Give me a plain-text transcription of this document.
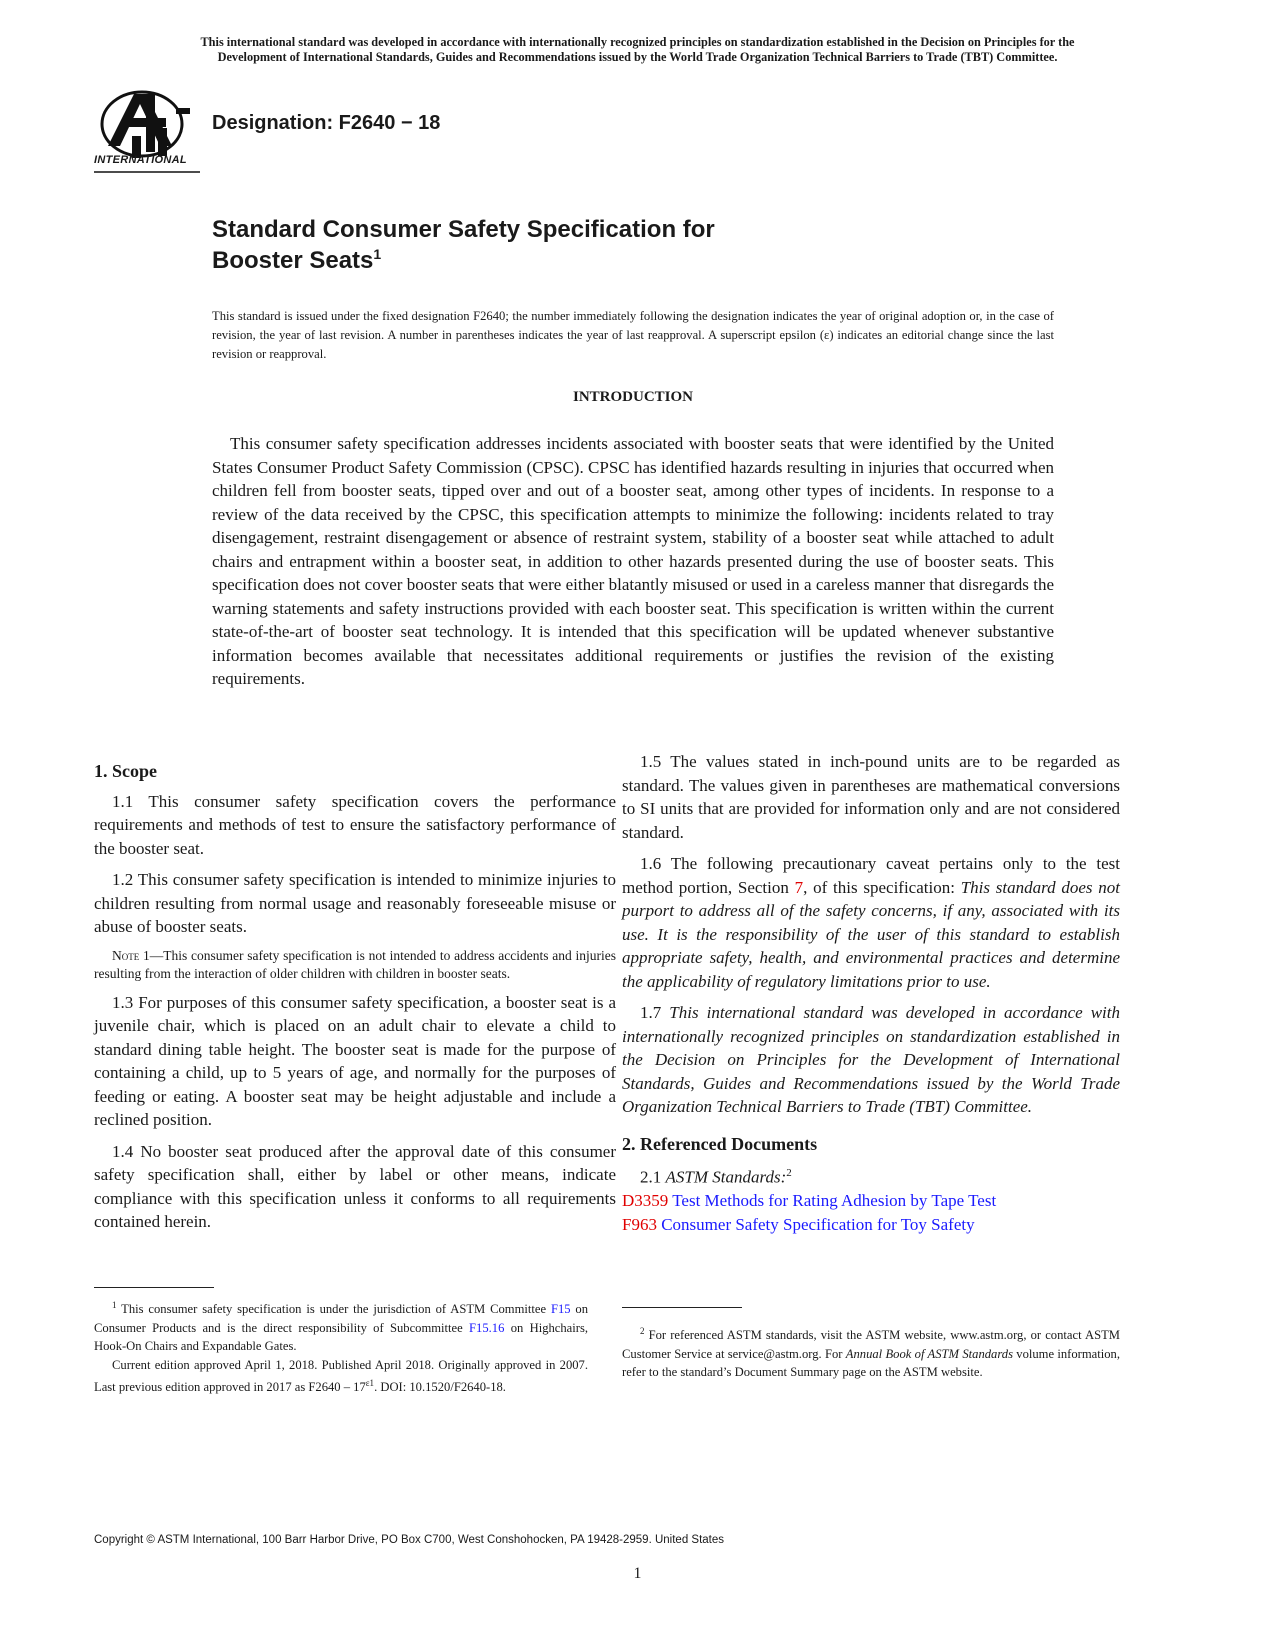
This international standard was developed in accordance with internationally recognized principles on standardization established in the Decision on Principles for the
Development of International Standards, Guides and Recommendations issued by the World Trade Organization Technical Barriers to Trade (TBT) Committee.
INTERNATIONAL
Designation: F2640 − 18
Standard Consumer Safety Specification for
Booster Seats$^1$
This standard is issued under the fixed designation F2640; the number immediately following the designation indicates the year of original adoption or, in the case of revision, the year of last revision. A number in parentheses indicates the year of last reapproval. A superscript epsilon (ε) indicates an editorial change since the last revision or reapproval.
INTRODUCTION
This consumer safety specification addresses incidents associated with booster seats that were identified by the United States Consumer Product Safety Commission (CPSC). CPSC has identified hazards resulting in injuries that occurred when children fell from booster seats, tipped over and out of a booster seat, among other types of incidents. In response to a review of the data received by the CPSC, this specification attempts to minimize the following: incidents related to tray disengagement, restraint disengagement or absence of restraint system, stability of a booster seat while attached to adult chairs and entrapment within a booster seat, in addition to other hazards presented during the use of booster seats. This specification does not cover booster seats that were either blatantly misused or used in a careless manner that disregards the warning statements and safety instructions provided with each booster seat. This specification is written within the current state-of-the-art of booster seat technology. It is intended that this specification will be updated whenever substantive information becomes available that necessitates additional requirements or justifies the revision of the existing requirements.
1. Scope

1.1 This consumer safety specification covers the performance requirements and methods of test to ensure the satisfactory performance of the booster seat.

1.2 This consumer safety specification is intended to minimize injuries to children resulting from normal usage and reasonably foreseeable misuse or abuse of booster seats.

Note 1—This consumer safety specification is not intended to address accidents and injuries resulting from the interaction of older children with children in booster seats.

1.3 For purposes of this consumer safety specification, a booster seat is a juvenile chair, which is placed on an adult chair to elevate a child to standard dining table height. The booster seat is made for the purpose of containing a child, up to 5 years of age, and normally for the purposes of feeding or eating. A booster seat may be height adjustable and include a reclined position.

1.4 No booster seat produced after the approval date of this consumer safety specification shall, either by label or other means, indicate compliance with this specification unless it conforms to all requirements contained herein.

$^1$ This consumer safety specification is under the jurisdiction of ASTM Committee F15 on Consumer Products and is the direct responsibility of Subcommittee F15.16 on Highchairs, Hook-On Chairs and Expandable Gates.

Current edition approved April 1, 2018. Published April 2018. Originally approved in 2007. Last previous edition approved in 2017 as $F2640 - 17^{\varepsilon 1}$. DOI: 10.1520/F2640-18.

1.5 The values stated in inch-pound units are to be regarded as standard. The values given in parentheses are mathematical conversions to SI units that are provided for information only and are not considered standard.

1.6 The following precautionary caveat pertains only to the test method portion, Section 7, of this specification: This standard does not purport to address all of the safety concerns, if any, associated with its use. It is the responsibility of the user of this standard to establish appropriate safety, health, and environmental practices and determine the applicability of regulatory limitations prior to use.

1.7 This international standard was developed in accordance with internationally recognized principles on standardization established in the Decision on Principles for the Development of International Standards, Guides and Recommendations issued by the World Trade Organization Technical Barriers to Trade (TBT) Committee.

2. Referenced Documents

2.1 ASTM Standards:$^2$

D3359 Test Methods for Rating Adhesion by Tape Test
F963 Consumer Safety Specification for Toy Safety

$^2$ For referenced ASTM standards, visit the ASTM website, www.astm.org, or contact ASTM Customer Service at service@astm.org. For Annual Book of ASTM Standards volume information, refer to the standard’s Document Summary page on the ASTM website.

Copyright © ASTM International, 100 Barr Harbor Drive, PO Box C700, West Conshohocken, PA 19428-2959. United States
1
